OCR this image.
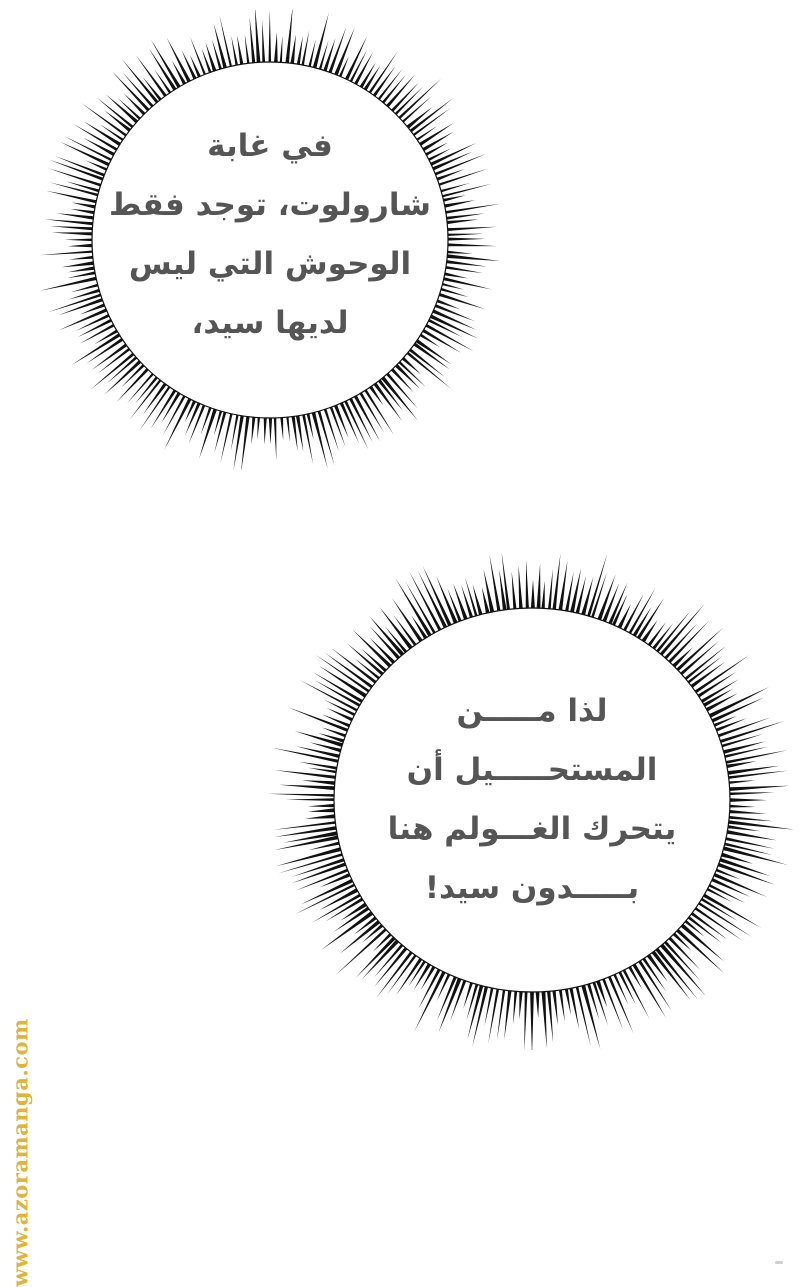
في غابة
شارولوت، توجد فقط
الوحوش التي ليس
لديها سيد،
لذا مـــــن
المستحـــــيل أن
يتحرك الغـــولم هنا
بـــــدون سيد!
www.azoramanga.com
